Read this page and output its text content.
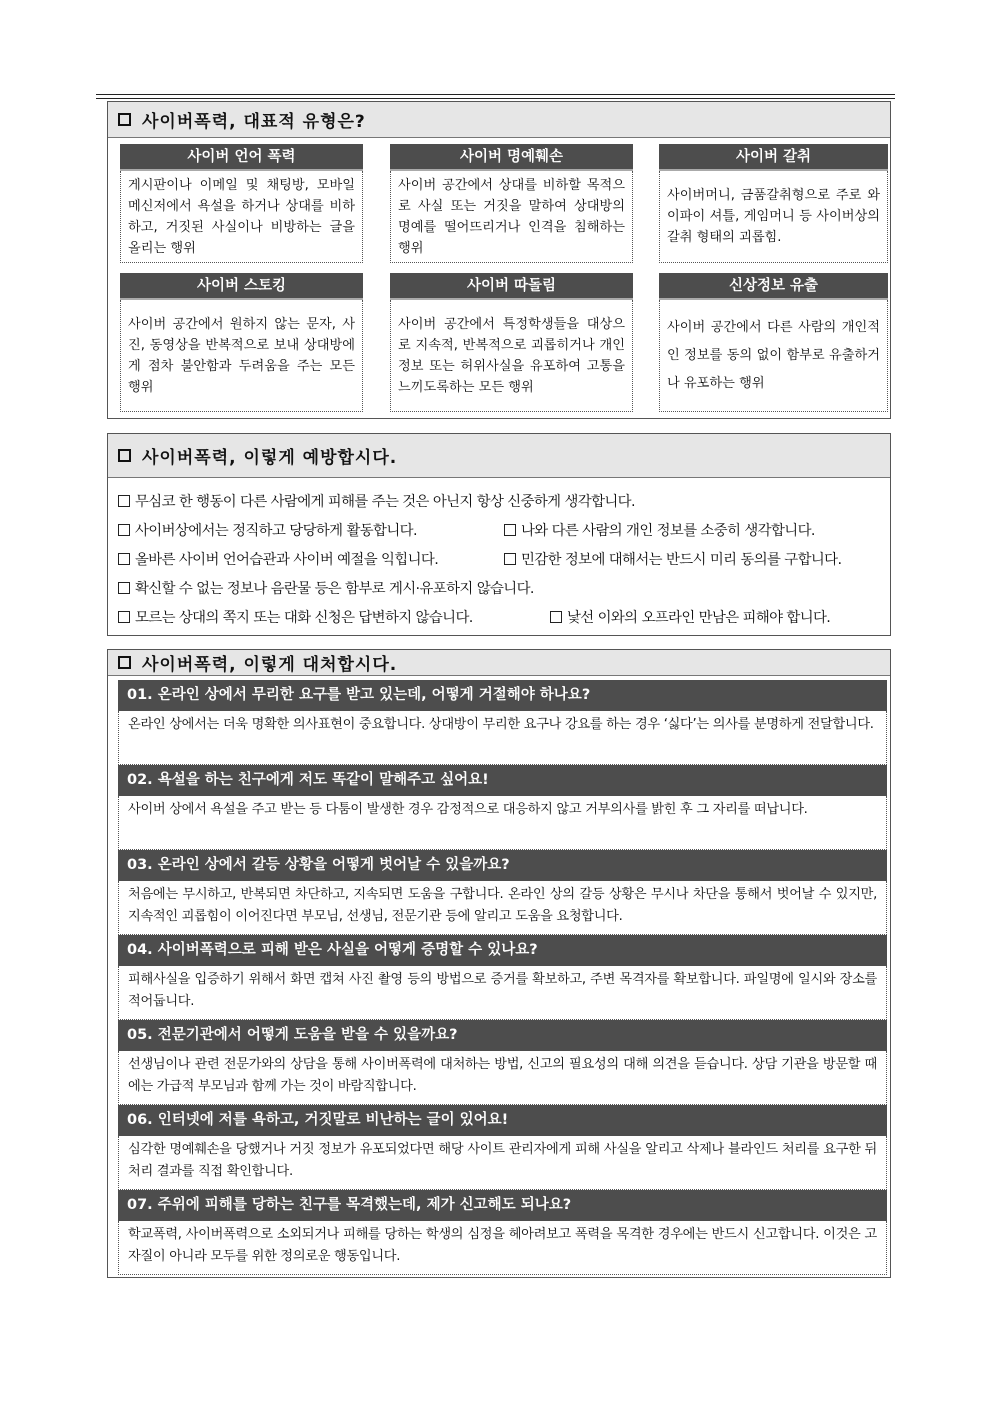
사이버폭력, 대표적 유형은?
사이버 언어 폭력
게시판이나 이메일 및 채팅방, 모바일 메신저에서 욕설을 하거나 상대를 비하하고, 거짓된 사실이나 비방하는 글을 올리는 행위
사이버 명예훼손
사이버 공간에서 상대를 비하할 목적으로 사실 또는 거짓을 말하여 상대방의 명예를 떨어뜨리거나 인격을 침해하는 행위
사이버 갈취
사이버머니, 금품갈취형으로 주로 와이파이 셔틀, 게임머니 등 사이버상의 갈취 형태의 괴롭힘.
사이버 스토킹
사이버 공간에서 원하지 않는 문자, 사진, 동영상을 반복적으로 보내 상대방에게 점차 불안함과 두려움을 주는 모든 행위
사이버 따돌림
사이버 공간에서 특정학생들을 대상으로 지속적, 반복적으로 괴롭히거나 개인 정보 또는 허위사실을 유포하여 고통을 느끼도록하는 모든 행위
신상정보 유출
사이버 공간에서 다른 사람의 개인적인 정보를 동의 없이 함부로 유출하거나 유포하는 행위
사이버폭력, 이렇게 예방합시다.
무심코 한 행동이 다른 사람에게 피해를 주는 것은 아닌지 항상 신중하게 생각합니다.
사이버상에서는 정직하고 당당하게 활동합니다.	나와 다른 사람의 개인 정보를 소중히 생각합니다.
올바른 사이버 언어습관과 사이버 예절을 익힙니다.	민감한 정보에 대해서는 반드시 미리 동의를 구합니다.
확신할 수 없는 정보나 음란물 등은 함부로 게시·유포하지 않습니다.
모르는 상대의 쪽지 또는 대화 신청은 답변하지 않습니다.	낯선 이와의 오프라인 만남은 피해야 합니다.
사이버폭력, 이렇게 대처합시다.
01. 온라인 상에서 무리한 요구를 받고 있는데, 어떻게 거절해야 하나요?
온라인 상에서는 더욱 명확한 의사표현이 중요합니다. 상대방이 무리한 요구나 강요를 하는 경우 ‘싫다’는 의사를 분명하게 전달합니다.
02. 욕설을 하는 친구에게 저도 똑같이 말해주고 싶어요!
사이버 상에서 욕설을 주고 받는 등 다툼이 발생한 경우 감정적으로 대응하지 않고 거부의사를 밝힌 후 그 자리를 떠납니다.
03. 온라인 상에서 갈등 상황을 어떻게 벗어날 수 있을까요?
처음에는 무시하고, 반복되면 차단하고, 지속되면 도움을 구합니다. 온라인 상의 갈등 상황은 무시나 차단을 통해서 벗어날 수 있지만, 지속적인 괴롭힘이 이어진다면 부모님, 선생님, 전문기관 등에 알리고 도움을 요청합니다.
04. 사이버폭력으로 피해 받은 사실을 어떻게 증명할 수 있나요?
피해사실을 입증하기 위해서 화면 캡쳐 사진 촬영 등의 방법으로 증거를 확보하고, 주변 목격자를 확보합니다. 파일명에 일시와 장소를 적어둡니다.
05. 전문기관에서 어떻게 도움을 받을 수 있을까요?
선생님이나 관련 전문가와의 상담을 통해 사이버폭력에 대처하는 방법, 신고의 필요성의 대해 의견을 듣습니다. 상담 기관을 방문할 때에는 가급적 부모님과 함께 가는 것이 바람직합니다.
06. 인터넷에 저를 욕하고, 거짓말로 비난하는 글이 있어요!
심각한 명예훼손을 당했거나 거짓 정보가 유포되었다면 해당 사이트 관리자에게 피해 사실을 알리고 삭제나 블라인드 처리를 요구한 뒤 처리 결과를 직접 확인합니다.
07. 주위에 피해를 당하는 친구를 목격했는데, 제가 신고해도 되나요?
학교폭력, 사이버폭력으로 소외되거나 피해를 당하는 학생의 심정을 헤아려보고 폭력을 목격한 경우에는 반드시 신고합니다. 이것은 고자질이 아니라 모두를 위한 정의로운 행동입니다.
